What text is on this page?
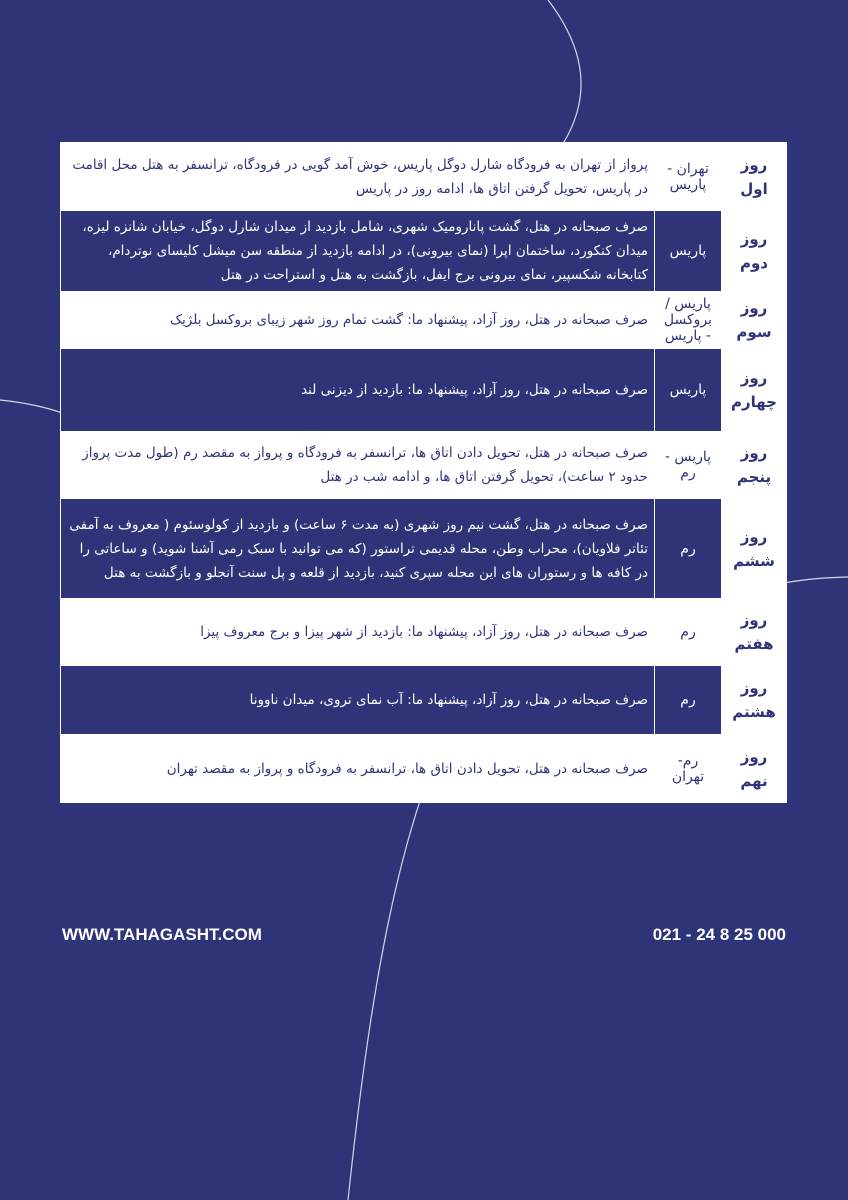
روز اول	تهران - پاریس	پرواز از تهران به فرودگاه شارل دوگل پاریس، خوش آمد گویی در فرودگاه، ترانسفر به هتل محل اقامت در پاریس، تحویل گرفتن اتاق ها، ادامه روز در پاریس
روز دوم	پاریس	صرف صبحانه در هتل، گشت پاناروميک شهری، شامل بازدید از میدان شارل دوگل، خیابان شانزه لیزه، میدان کنکورد، ساختمان اپرا (نمای بیرونی)، در ادامه بازدید از منطقه سن میشل کلیسای نوتردام، کتابخانه شکسپیر، نمای بیرونی برج ایفل، بازگشت به هتل و استراحت در هتل
روز سوم	پاریس / بروکسل - پاریس	صرف صبحانه در هتل، روز آزاد، پیشنهاد ما: گشت تمام روز شهر زیبای بروکسل بلژیک
روز چهارم	پاریس	صرف صبحانه در هتل، روز آزاد، پیشنهاد ما: بازدید از دیزنی لند
روز پنجم	پاریس - رم	صرف صبحانه در هتل، تحویل دادن اتاق ها، ترانسفر به فرودگاه و پرواز به مقصد رم (طول مدت پرواز حدود ۲ ساعت)، تحویل گرفتن اتاق ها، و ادامه شب در هتل
روز ششم	رم	صرف صبحانه در هتل، گشت نیم روز شهری (به مدت ۶ ساعت) و بازدید از کولوسئوم ( معروف به آمفی تئاتر فلاویان)، محراب وطن، محله قدیمی تراستور (که می توانید با سبک رمی آشنا شوید) و ساعاتی را در کافه ها و رستوران های این محله سپری کنید، بازدید از قلعه و پل سنت آنجلو و بازگشت به هتل
روز هفتم	رم	صرف صبحانه در هتل، روز آزاد، پیشنهاد ما: بازدید از شهر پیزا و برج معروف پیزا
روز هشتم	رم	صرف صبحانه در هتل، روز آزاد، پیشنهاد ما: آب نمای تروی، میدان ناوونا
روز نهم	رم- تهران	صرف صبحانه در هتل، تحویل دادن اتاق ها، ترانسفر به فرودگاه و پرواز به مقصد تهران
WWW.TAHAGASHT.COM	021 - 24 8 25 000
